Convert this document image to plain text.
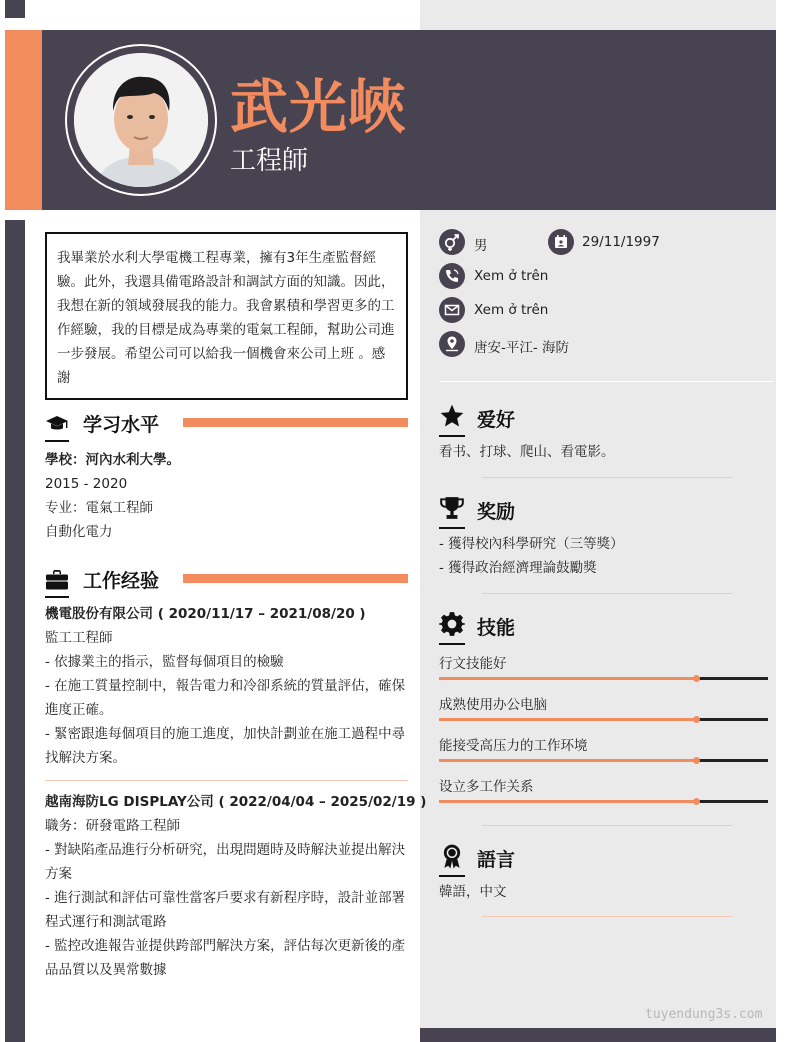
武光峽
工程師
我畢業於水利大學電機工程專業，擁有3年生產監督經驗。此外，我還具備電路設計和調試方面的知識。因此，我想在新的領域發展我的能力。我會累積和學習更多的工作經驗，我的目標是成為專業的電氣工程師，幫助公司進一步發展。希望公司可以給我一個機會來公司上班 。感謝
学习水平
學校：河內水利大學。
2015 - 2020
专业：電氣工程師
自動化電力
工作经验
機電股份有限公司 ( 2020/11/17 – 2021/08/20 )
監工工程師
- 依據業主的指示，監督每個項目的檢驗
- 在施工質量控制中，報告電力和冷卻系統的質量評估，確保進度正確。
- 緊密跟進每個項目的施工進度，加快計劃並在施工過程中尋找解決方案。
越南海防LG DISPLAY公司 ( 2022/04/04 – 2025/02/19 )
職务：研發電路工程師
- 對缺陷產品進行分析研究，出現問題時及時解決並提出解決方案
- 進行測試和評估可靠性當客戶要求有新程序時，設計並部署程式運行和測試電路
- 監控改進報告並提供跨部門解決方案，評估每次更新後的產品品質以及異常數據
男	29/11/1997
Xem ở trên
Xem ở trên
唐安-平江- 海防
爱好
看书、打球、爬山、看電影。
奖励
- 獲得校內科學研究（三等獎）
- 獲得政治經濟理論鼓勵獎
技能
行文技能好
成熟使用办公电脑
能接受高压力的工作环境
设立多工作关系
語言
韓語，中文
tuyendung3s.com
